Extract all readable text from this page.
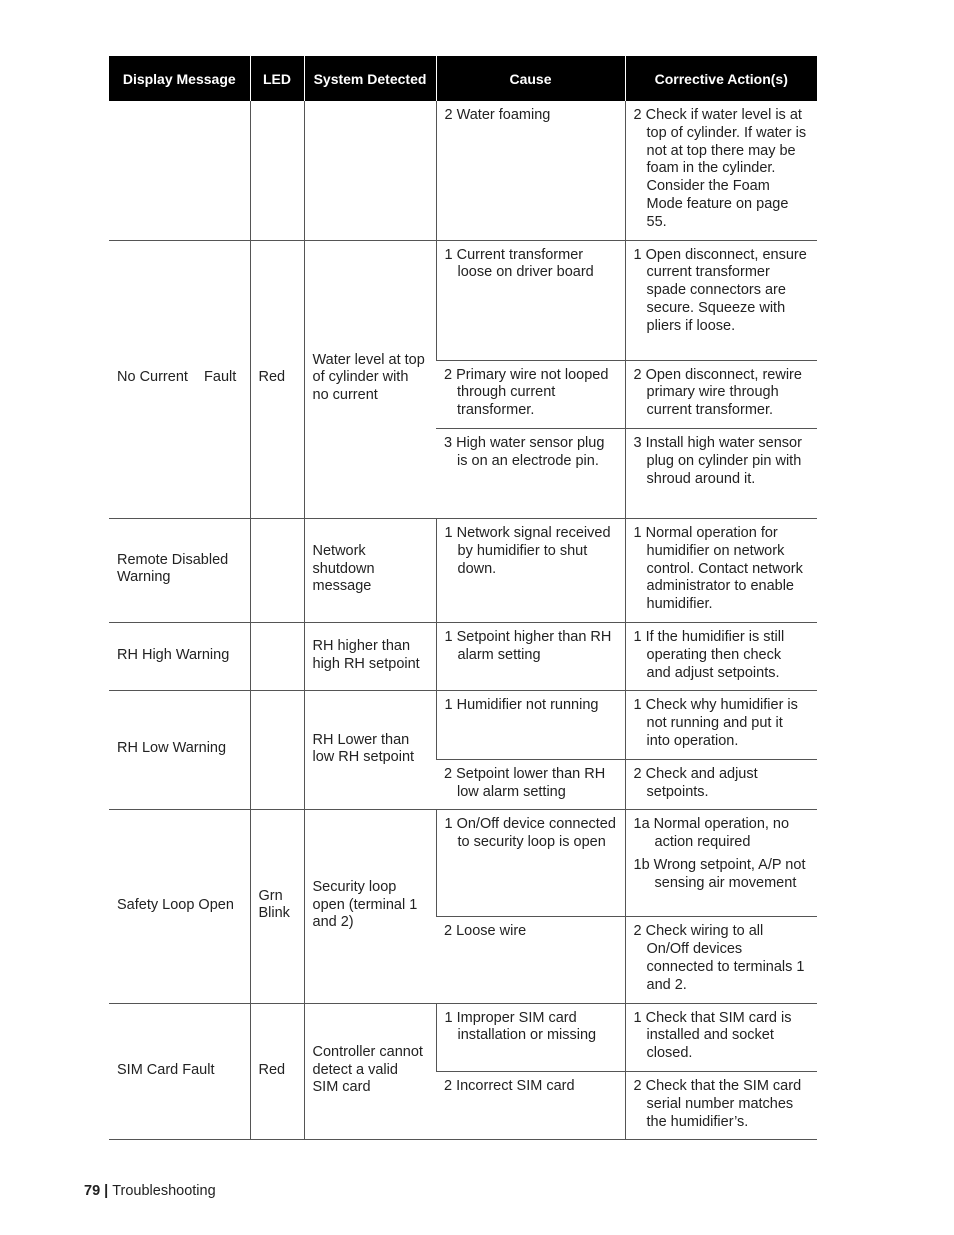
Display Message	LED	System Detected	Cause	Corrective Action(s)

			2 Water foaming	2 Check if water level is at top of cylinder. If water is not at top there may be foam in the cylinder. Consider the Foam Mode feature on page 55.

No Current    Fault	Red	Water level at top of cylinder with no current	1 Current transformer loose on driver board	1 Open disconnect, ensure current transformer spade connectors are secure. Squeeze with pliers if loose.

			2 Primary wire not looped through current transformer.	2 Open disconnect, rewire primary wire through current transformer.

			3 High water sensor plug is on an electrode pin.	3 Install high water sensor plug on cylinder pin with shroud around it.

Remote Disabled Warning		Network shutdown message	1 Network signal received by humidifier to shut down.	1 Normal operation for humidifier on network control. Contact network administrator to enable humidifier.

RH High Warning		RH higher than high RH setpoint	1 Setpoint higher than RH alarm setting	1 If the humidifier is still operating then check and adjust setpoints.

RH Low Warning		RH Lower than low RH setpoint	1 Humidifier not running	1 Check why humidifier is not running and put it into operation.

			2 Setpoint lower than RH low alarm setting	2 Check and adjust setpoints.

Safety Loop Open	Grn Blink	Security loop open (terminal 1 and 2)	1 On/Off device connected to security loop is open	1a Normal operation, no action required
1b Wrong setpoint, A/P not sensing air movement

			2 Loose wire	2 Check wiring to all On/Off devices connected to terminals 1 and 2.

SIM Card Fault	Red	Controller cannot detect a valid SIM card	1 Improper SIM card installation or missing	1 Check that SIM card is installed and socket closed.

			2 Incorrect SIM card	2 Check that the SIM card serial number matches the humidifier’s.
79 | Troubleshooting
